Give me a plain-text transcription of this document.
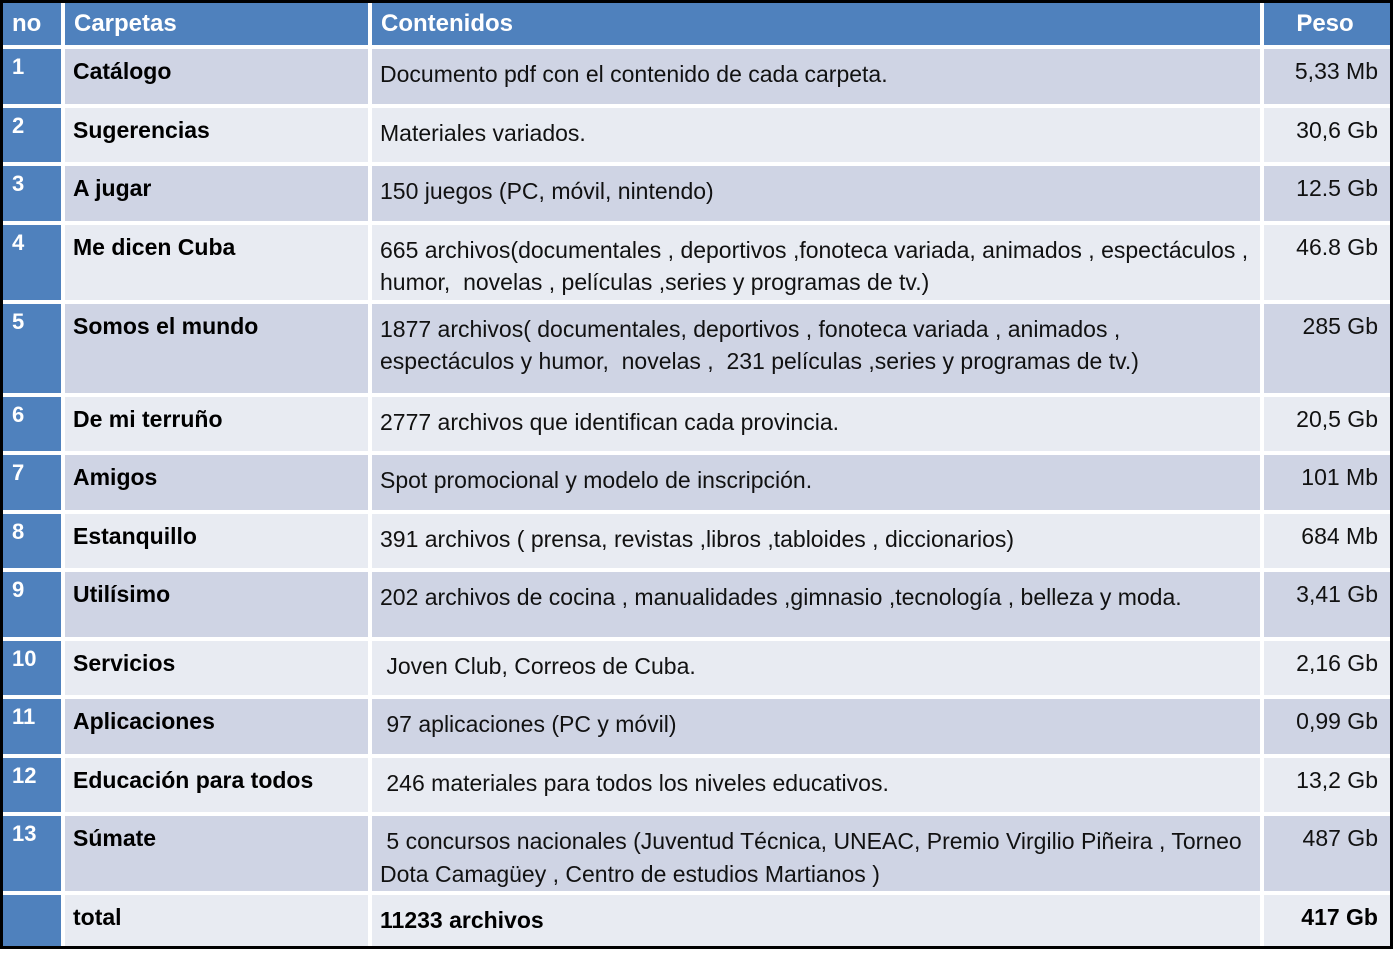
no	Carpetas	Contenidos	Peso
1	Catálogo	Documento pdf con el contenido de cada carpeta.	5,33 Mb
2	Sugerencias	Materiales variados.	30,6 Gb
3	A jugar	150 juegos (PC, móvil, nintendo)	12.5 Gb
4	Me dicen Cuba	665 archivos(documentales , deportivos ,fonoteca variada, animados , espectáculos , humor,  novelas , películas ,series y programas de tv.)	46.8 Gb
5	Somos el mundo	1877 archivos( documentales, deportivos , fonoteca variada , animados , espectáculos y humor,  novelas ,  231 películas ,series y programas de tv.)	285 Gb
6	De mi terruño	2777 archivos que identifican cada provincia.	20,5 Gb
7	Amigos	Spot promocional y modelo de inscripción.	101 Mb
8	Estanquillo	391 archivos ( prensa, revistas ,libros ,tabloides , diccionarios)	684 Mb
9	Utilísimo	202 archivos de cocina , manualidades ,gimnasio ,tecnología , belleza y moda.	3,41 Gb
10	Servicios	Joven Club, Correos de Cuba.	2,16 Gb
11	Aplicaciones	97 aplicaciones (PC y móvil)	0,99 Gb
12	Educación para todos	246 materiales para todos los niveles educativos.	13,2 Gb
13	Súmate	5 concursos nacionales (Juventud Técnica, UNEAC, Premio Virgilio Piñeira , Torneo Dota Camagüey , Centro de estudios Martianos )	487 Gb
	total	11233 archivos	417 Gb
